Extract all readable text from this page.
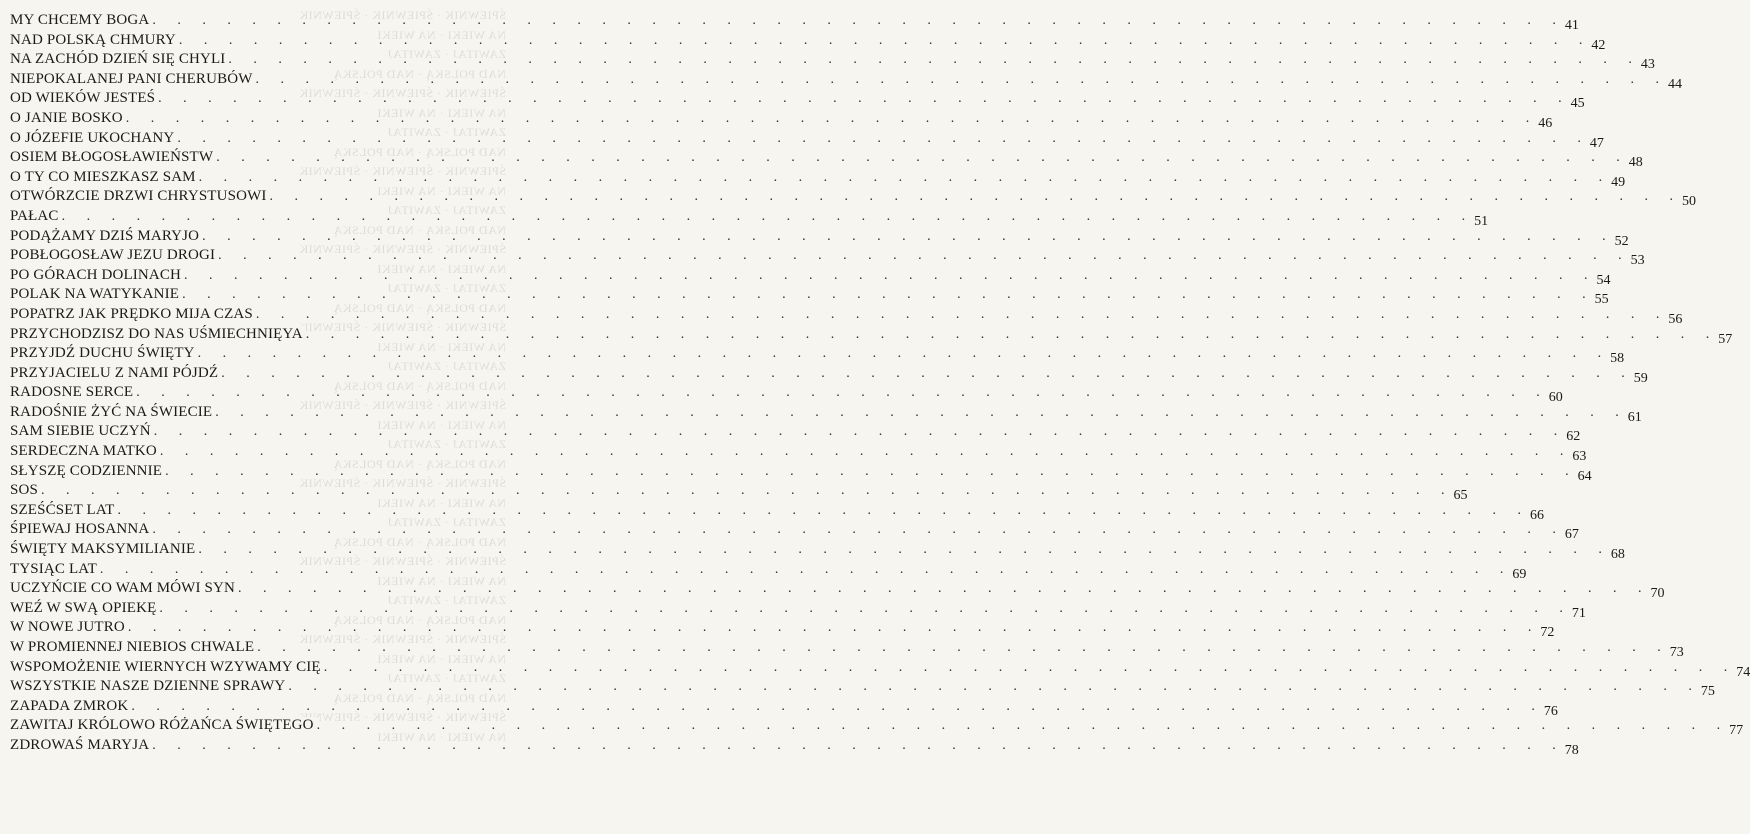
ŚPIEWNIK · ŚPIEWNIK · ŚPIEWNIK
NA WIEKI · NA WIEKI
ZAWITAJ · ZAWITAJ
NAD POLSKĄ · NAD POLSKĄ
ŚPIEWNIK · ŚPIEWNIK · ŚPIEWNIK
NA WIEKI · NA WIEKI
ZAWITAJ · ZAWITAJ
NAD POLSKĄ · NAD POLSKĄ
ŚPIEWNIK · ŚPIEWNIK · ŚPIEWNIK
NA WIEKI · NA WIEKI
ZAWITAJ · ZAWITAJ
NAD POLSKĄ · NAD POLSKĄ
ŚPIEWNIK · ŚPIEWNIK · ŚPIEWNIK
NA WIEKI · NA WIEKI
ZAWITAJ · ZAWITAJ
NAD POLSKĄ · NAD POLSKĄ
ŚPIEWNIK · ŚPIEWNIK · ŚPIEWNIK
NA WIEKI · NA WIEKI
ZAWITAJ · ZAWITAJ
NAD POLSKĄ · NAD POLSKĄ
ŚPIEWNIK · ŚPIEWNIK · ŚPIEWNIK
NA WIEKI · NA WIEKI
ZAWITAJ · ZAWITAJ
NAD POLSKĄ · NAD POLSKĄ
ŚPIEWNIK · ŚPIEWNIK · ŚPIEWNIK
NA WIEKI · NA WIEKI
ZAWITAJ · ZAWITAJ
NAD POLSKĄ · NAD POLSKĄ
ŚPIEWNIK · ŚPIEWNIK · ŚPIEWNIK
NA WIEKI · NA WIEKI
ZAWITAJ · ZAWITAJ
NAD POLSKĄ · NAD POLSKĄ
ŚPIEWNIK · ŚPIEWNIK · ŚPIEWNIK
NA WIEKI · NA WIEKI
ZAWITAJ · ZAWITAJ
NAD POLSKĄ · NAD POLSKĄ
ŚPIEWNIK · ŚPIEWNIK · ŚPIEWNIK
NA WIEKI · NA WIEKI
MY CHCEMY BOGA . . .	41
NAD POLSKĄ CHMURY . . .	42
NA ZACHÓD DZIEŃ SIĘ CHYLI . . .	43
NIEPOKALANEJ PANI CHERUBÓW . . .	44
OD WIEKÓW JESTEŚ . . .	45
O JANIE BOSKO . . .	46
O JÓZEFIE UKOCHANY . . .	47
OSIEM BŁOGOSŁAWIEŃSTW . . .	48
O TY CO MIESZKASZ SAM . . .	49
OTWÓRZCIE DRZWI CHRYSTUSOWI . . .	50
PAŁAC . . .	51
PODĄŻAMY DZIŚ MARYJO . . .	52
POBŁOGOSŁAW JEZU DROGI . . .	53
PO GÓRACH DOLINACH . . .	54
POLAK NA WATYKANIE . . .	55
POPATRZ JAK PRĘDKO MIJA CZAS . . .	56
PRZYCHODZISZ DO NAS UŚMIECHNIĘYA . . .	57
PRZYJDŹ DUCHU ŚWIĘTY . . .	58
PRZYJACIELU Z NAMI PÓJDŹ . . .	59
RADOSNE SERCE . . .	60
RADOŚNIE ŻYĆ NA ŚWIECIE . . .	61
SAM SIEBIE UCZYŃ . . .	62
SERDECZNA MATKO . . .	63
SŁYSZĘ CODZIENNIE . . .	64
SOS . . .	65
SZEŚĆSET LAT . . .	66
ŚPIEWAJ HOSANNA . . .	67
ŚWIĘTY MAKSYMILIANIE . . .	68
TYSIĄC LAT . . .	69
UCZYŃCIE CO WAM MÓWI SYN . . .	70
WEŹ W SWĄ OPIEKĘ . . .	71
W NOWE JUTRO . . .	72
W PROMIENNEJ NIEBIOS CHWALE . . .	73
WSPOMOŻENIE WIERNYCH WZYWAMY CIĘ . . .	74
WSZYSTKIE NASZE DZIENNE SPRAWY . . .	75
ZAPADA ZMROK . . .	76
ZAWITAJ KRÓLOWO RÓŻAŃCA ŚWIĘTEGO . . .	77
ZDROWAŚ MARYJA . . .	78
